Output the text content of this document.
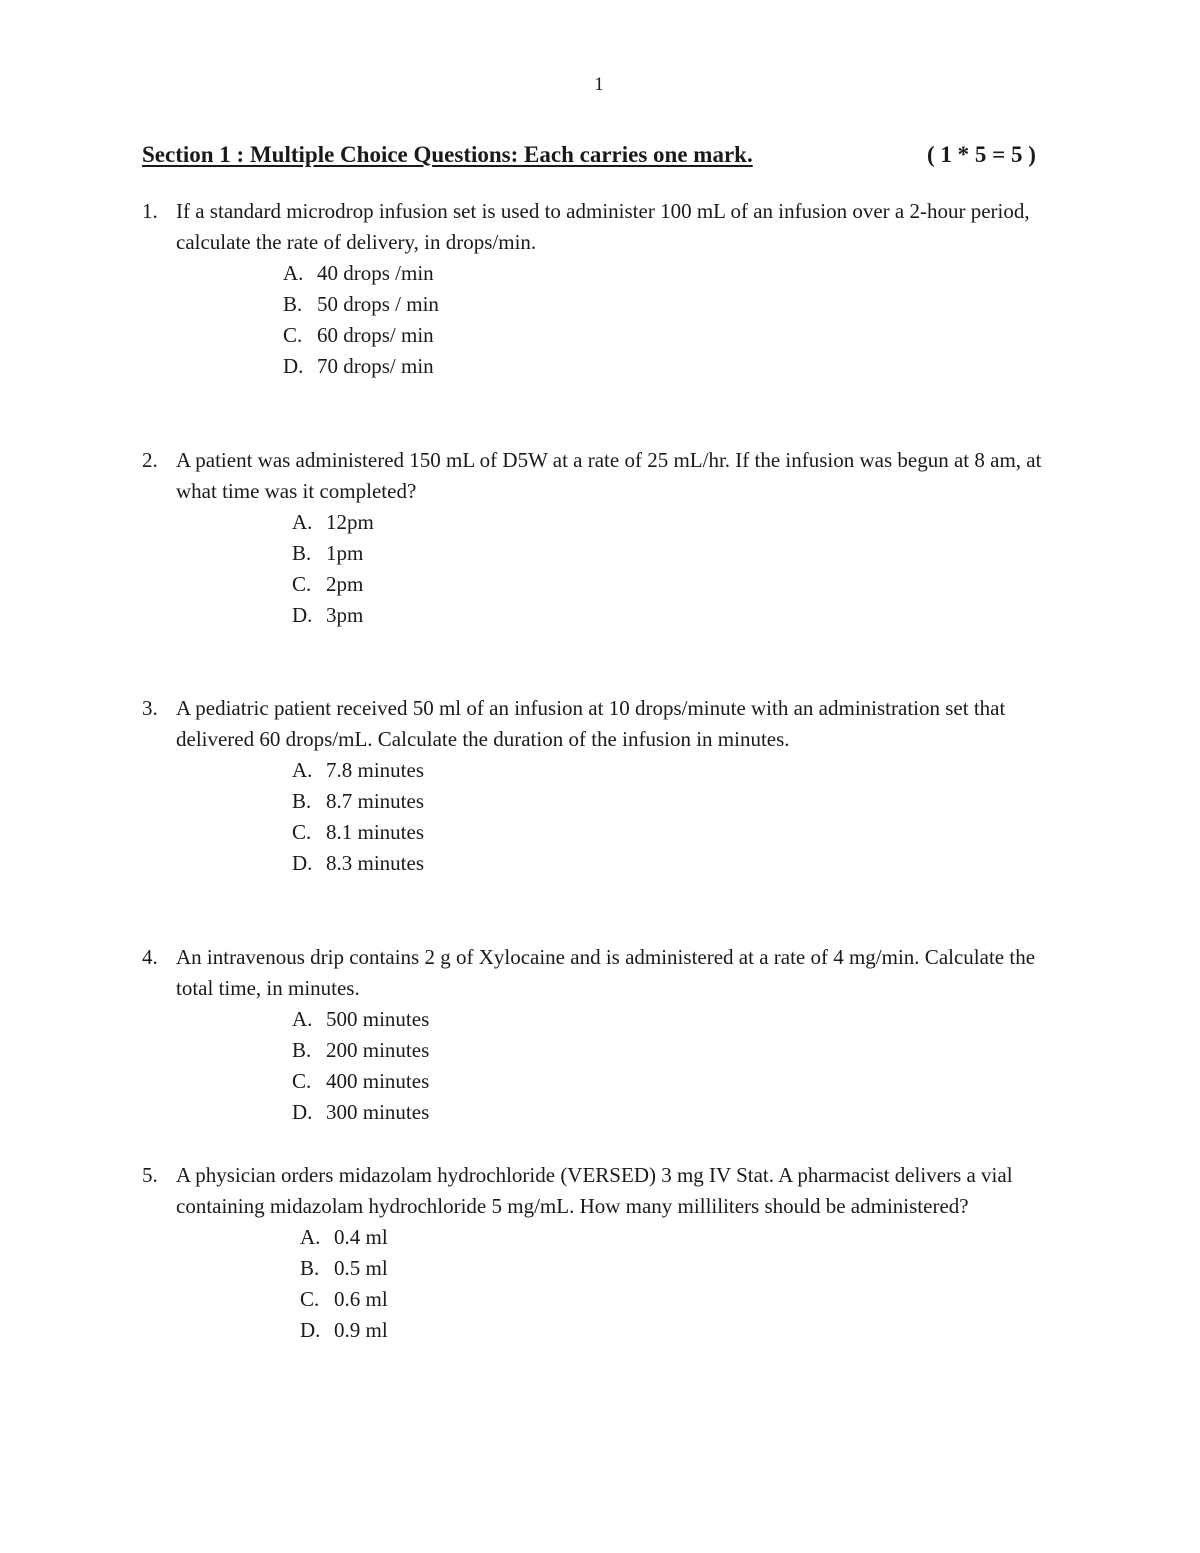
1
Section 1 : Multiple Choice Questions: Each carries one mark.	( 1 * 5 = 5 )
1. If a standard microdrop infusion set is used to administer 100 mL of an infusion over a 2-hour period, calculate the rate of delivery, in drops/min.
A. 40 drops /min
B. 50 drops / min
C. 60 drops/ min
D. 70 drops/ min
2. A patient was administered 150 mL of D5W at a rate of 25 mL/hr. If the infusion was begun at 8 am, at what time was it completed?
A. 12pm
B. 1pm
C. 2pm
D. 3pm
3. A pediatric patient received 50 ml of an infusion at 10 drops/minute with an administration set that delivered 60 drops/mL. Calculate the duration of the infusion in minutes.
A. 7.8 minutes
B. 8.7 minutes
C. 8.1 minutes
D. 8.3 minutes
4. An intravenous drip contains 2 g of Xylocaine and is administered at a rate of 4 mg/min. Calculate the total time, in minutes.
A. 500 minutes
B. 200 minutes
C. 400 minutes
D. 300 minutes
5. A physician orders midazolam hydrochloride (VERSED) 3 mg IV Stat. A pharmacist delivers a vial containing midazolam hydrochloride 5 mg/mL. How many milliliters should be administered?
A. 0.4 ml
B. 0.5 ml
C. 0.6 ml
D. 0.9 ml
